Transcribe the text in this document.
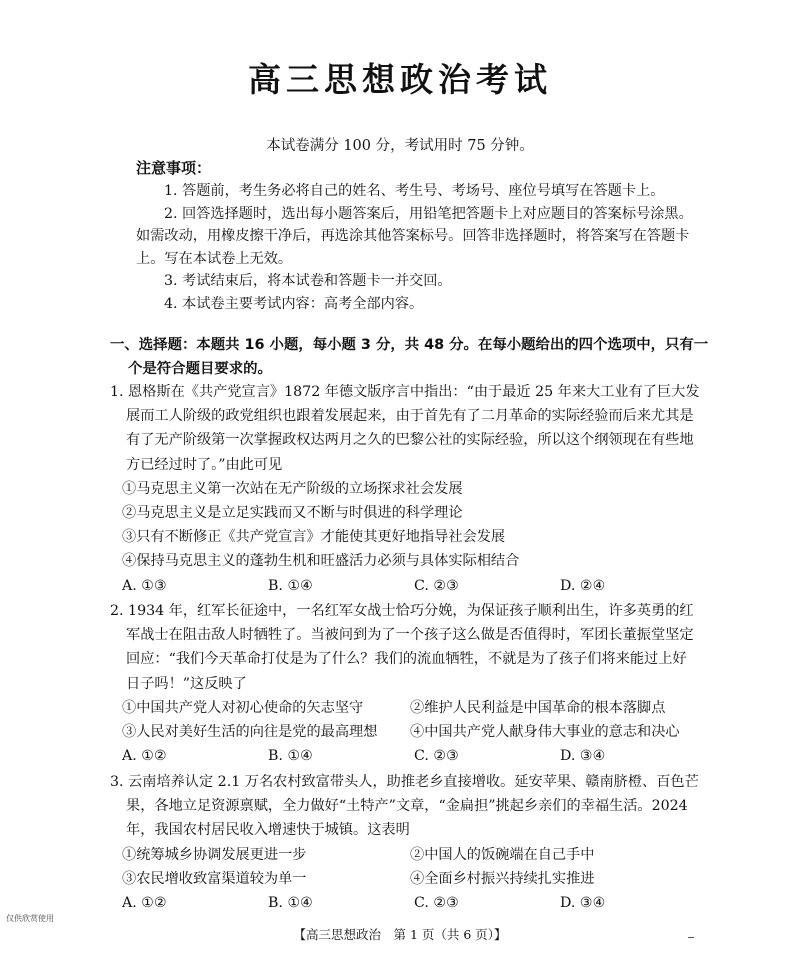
高三思想政治考试
本试卷满分 100 分，考试用时 75 分钟。
注意事项：

1. 答题前，考生务必将自己的姓名、考生号、考场号、座位号填写在答题卡上。

2. 回答选择题时，选出每小题答案后，用铅笔把答题卡上对应题目的答案标号涂黑。如需改动，用橡皮擦干净后，再选涂其他答案标号。回答非选择题时，将答案写在答题卡上。写在本试卷上无效。

3. 考试结束后，将本试卷和答题卡一并交回。

4. 本试卷主要考试内容：高考全部内容。

一、选择题：本题共 16 小题，每小题 3 分，共 48 分。在每小题给出的四个选项中，只有一个是符合题目要求的。
1. 恩格斯在《共产党宣言》1872 年德文版序言中指出：“由于最近 25 年来大工业有了巨大发展而工人阶级的政党组织也跟着发展起来，由于首先有了二月革命的实际经验而后来尤其是有了无产阶级第一次掌握政权达两月之久的巴黎公社的实际经验，所以这个纲领现在有些地方已经过时了。”由此可见
①马克思主义第一次站在无产阶级的立场探求社会发展
②马克思主义是立足实践而又不断与时俱进的科学理论
③只有不断修正《共产党宣言》才能使其更好地指导社会发展
④保持马克思主义的蓬勃生机和旺盛活力必须与具体实际相结合
A. ①③	B. ①④	C. ②③	D. ②④
2. 1934 年，红军长征途中，一名红军女战士恰巧分娩，为保证孩子顺利出生，许多英勇的红军战士在阻击敌人时牺牲了。当被问到为了一个孩子这么做是否值得时，军团长董振堂坚定回应：“我们今天革命打仗是为了什么？我们的流血牺牲，不就是为了孩子们将来能过上好日子吗！”这反映了
①中国共产党人对初心使命的矢志坚守	②维护人民利益是中国革命的根本落脚点
③人民对美好生活的向往是党的最高理想	④中国共产党人献身伟大事业的意志和决心
A. ①②	B. ①④	C. ②③	D. ③④
3. 云南培养认定 2.1 万名农村致富带头人，助推老乡直接增收。延安苹果、赣南脐橙、百色芒果，各地立足资源禀赋，全力做好“土特产”文章，“金扁担”挑起乡亲们的幸福生活。2024 年，我国农村居民收入增速快于城镇。这表明
①统筹城乡协调发展更进一步	②中国人的饭碗端在自己手中
③农民增收致富渠道较为单一	④全面乡村振兴持续扎实推进
A. ①②	B. ①④	C. ②③	D. ③④
仅供欣赏使用
【高三思想政治　第 1 页（共 6 页）】
